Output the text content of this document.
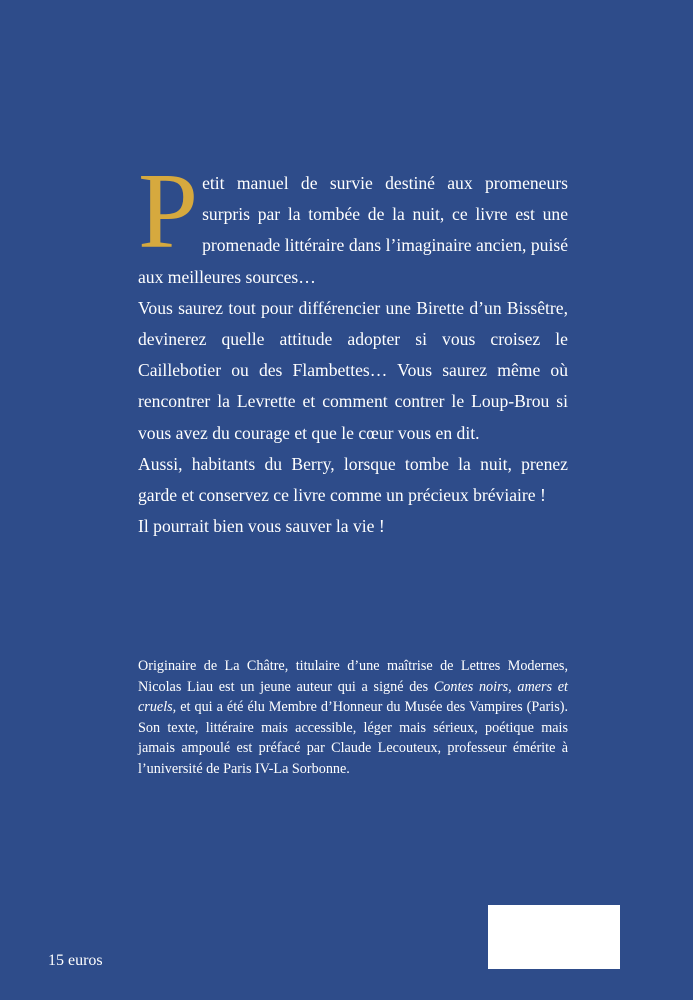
Petit manuel de survie destiné aux promeneurs surpris par la tombée de la nuit, ce livre est une promenade littéraire dans l’imaginaire ancien, puisé aux meilleures sources…

Vous saurez tout pour différencier une Birette d’un Bissêtre, devinerez quelle attitude adopter si vous croisez le Caillebotier ou des Flambettes… Vous saurez même où rencontrer la Levrette et comment contrer le Loup-Brou si vous avez du courage et que le cœur vous en dit.

Aussi, habitants du Berry, lorsque tombe la nuit, prenez garde et conservez ce livre comme un précieux bréviaire !

Il pourrait bien vous sauver la vie !

Originaire de La Châtre, titulaire d’une maîtrise de Lettres Modernes, Nicolas Liau est un jeune auteur qui a signé des Contes noirs, amers et cruels, et qui a été élu Membre d’Honneur du Musée des Vampires (Paris). Son texte, littéraire mais accessible, léger mais sérieux, poétique mais jamais ampoulé est préfacé par Claude Lecouteux, professeur émérite à l’université de Paris IV-La Sorbonne.

15 euros
